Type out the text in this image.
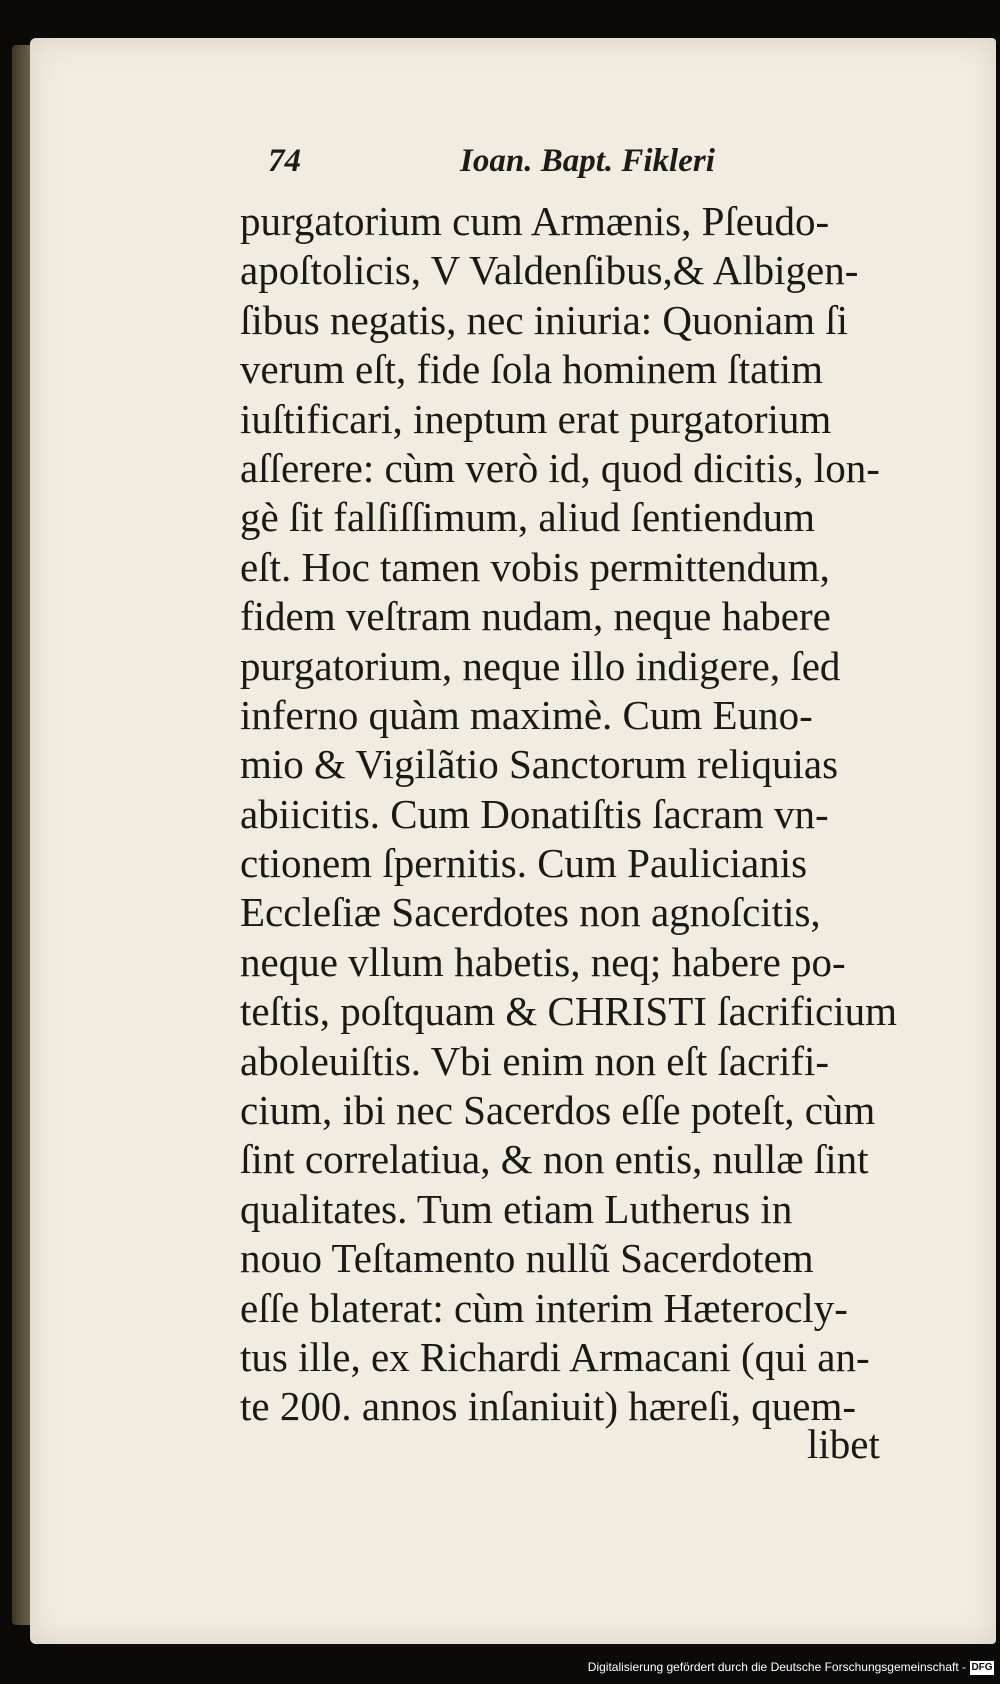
74	Ioan. Bapt. Fikleri
purgatorium cum Armænis, Pſeudo-
apoſtolicis, V Valdenſibus,& Albigen-
ſibus negatis, nec iniuria: Quoniam ſi
verum eſt, fide ſola hominem ſtatim
iuſtificari, ineptum erat purgatorium
aſſerere: cùm verò id, quod dicitis, lon-
gè ſit falſiſſimum, aliud ſentiendum
eſt. Hoc tamen vobis permittendum,
fidem veſtram nudam, neque habere
purgatorium, neque illo indigere, ſed
inferno quàm maximè. Cum Euno-
mio & Vigilãtio Sanctorum reliquias
abiicitis. Cum Donatiſtis ſacram vn-
ctionem ſpernitis. Cum Paulicianis
Eccleſiæ Sacerdotes non agnoſcitis,
neque vllum habetis, neq; habere po-
teſtis, poſtquam & CHRISTI ſacrificium
aboleuiſtis. Vbi enim non eſt ſacrifi-
cium, ibi nec Sacerdos eſſe poteſt, cùm
ſint correlatiua, & non entis, nullæ ſint
qualitates. Tum etiam Lutherus in
nouo Teſtamento nullũ Sacerdotem
eſſe blaterat: cùm interim Hæterocly-
tus ille, ex Richardi Armacani (qui an-
te 200. annos inſaniuit) hæreſi, quem-
libet
Digitalisierung gefördert durch die Deutsche Forschungsgemeinschaft - DFG
